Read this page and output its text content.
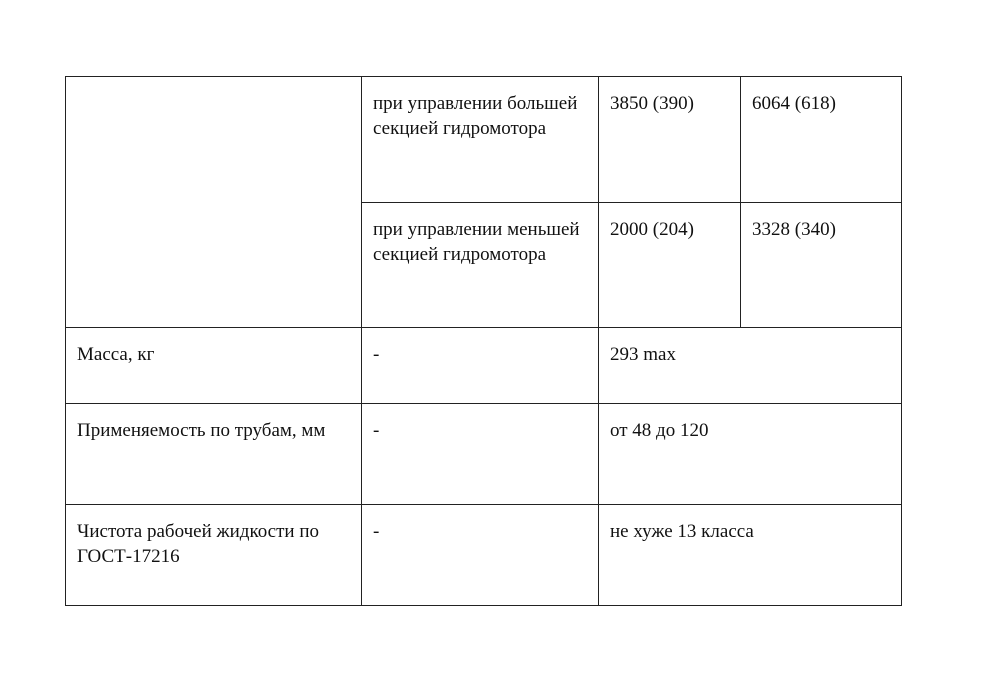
	при управлении большей секцией гидромотора	3850 (390)	6064 (618)
	при управлении меньшей секцией гидромотора	2000 (204)	3328 (340)
Масса, кг	-	293 max	
Применяемость по трубам, мм	-	от 48 до 120	
Чистота рабочей жидкости по ГОСТ-17216	-	не хуже 13 класса	
